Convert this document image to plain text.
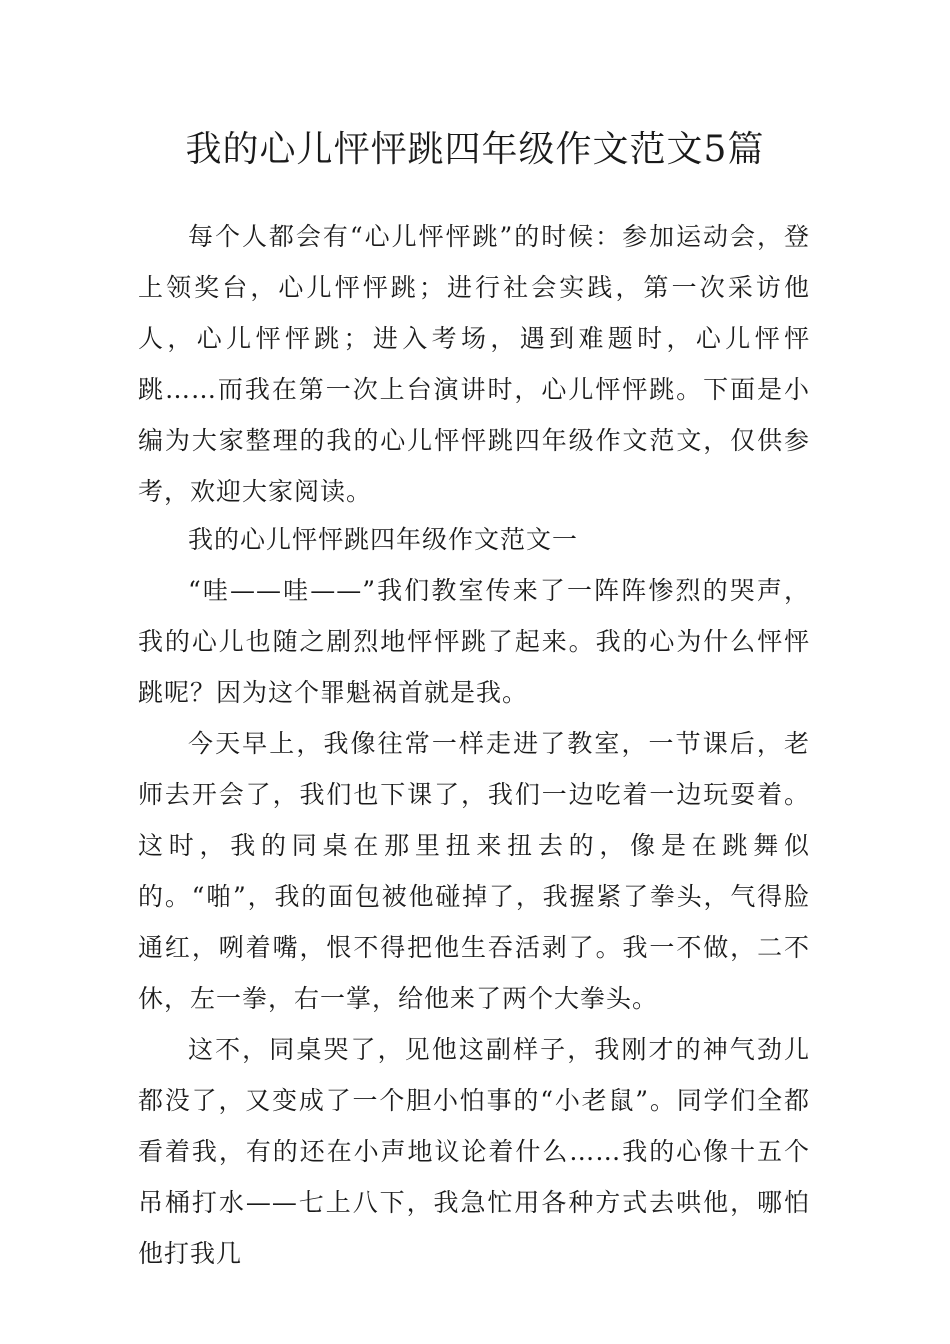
我的心儿怦怦跳四年级作文范文5篇

每个人都会有“心儿怦怦跳”的时候：参加运动会，登上领奖台，心儿怦怦跳；进行社会实践，第一次采访他人，心儿怦怦跳；进入考场，遇到难题时，心儿怦怦跳……而我在第一次上台演讲时，心儿怦怦跳。下面是小编为大家整理的我的心儿怦怦跳四年级作文范文，仅供参考，欢迎大家阅读。

我的心儿怦怦跳四年级作文范文一

“哇——哇——”我们教室传来了一阵阵惨烈的哭声，我的心儿也随之剧烈地怦怦跳了起来。我的心为什么怦怦跳呢？因为这个罪魁祸首就是我。

今天早上，我像往常一样走进了教室，一节课后，老师去开会了，我们也下课了，我们一边吃着一边玩耍着。这时，我的同桌在那里扭来扭去的，像是在跳舞似的。“啪”，我的面包被他碰掉了，我握紧了拳头，气得脸通红，咧着嘴，恨不得把他生吞活剥了。我一不做，二不休，左一拳，右一掌，给他来了两个大拳头。

这不，同桌哭了，见他这副样子，我刚才的神气劲儿都没了，又变成了一个胆小怕事的“小老鼠”。同学们全都看着我，有的还在小声地议论着什么……我的心像十五个吊桶打水——七上八下，我急忙用各种方式去哄他，哪怕他打我几
